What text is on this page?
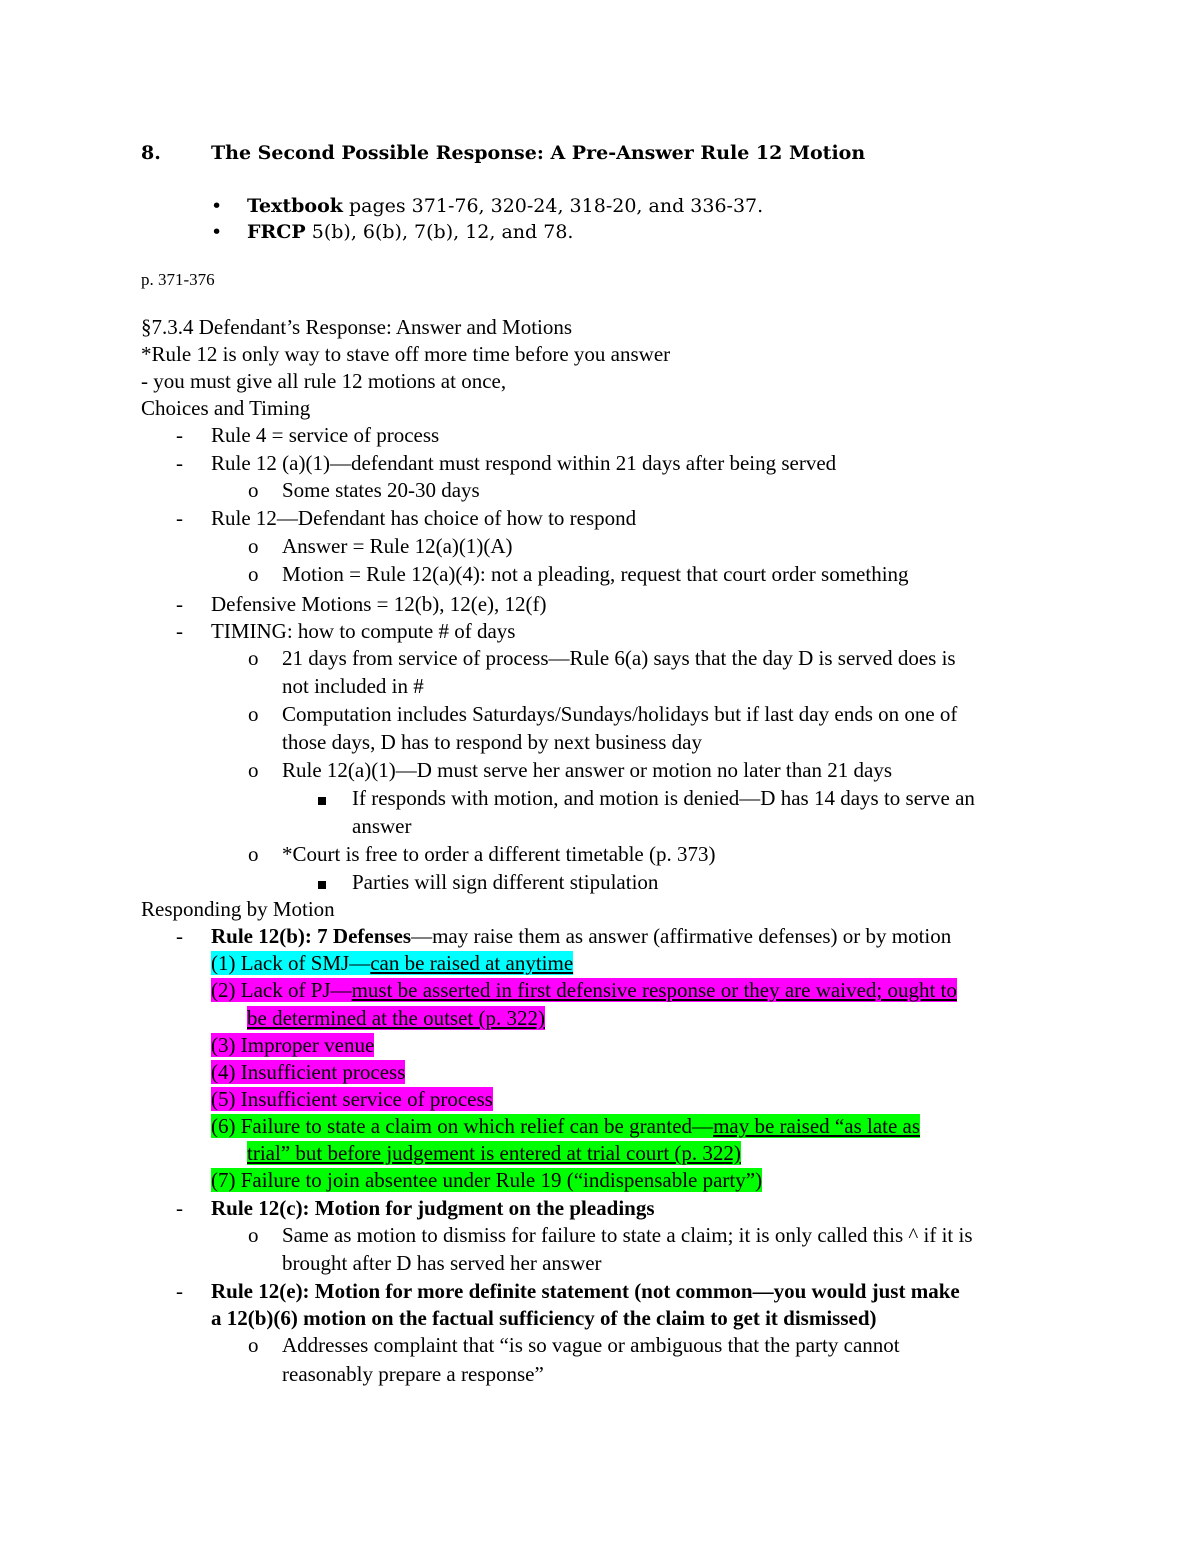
8.	The Second Possible Response: A Pre-Answer Rule 12 Motion
• Textbook pages 371-76, 320-24, 318-20, and 336-37.
• FRCP 5(b), 6(b), 7(b), 12, and 78.
p. 371-376
§7.3.4 Defendant’s Response: Answer and Motions
*Rule 12 is only way to stave off more time before you answer
- you must give all rule 12 motions at once,
Choices and Timing
- Rule 4 = service of process
- Rule 12 (a)(1)—defendant must respond within 21 days after being served
o Some states 20-30 days
- Rule 12—Defendant has choice of how to respond
o Answer = Rule 12(a)(1)(A)
o Motion = Rule 12(a)(4): not a pleading, request that court order something
- Defensive Motions = 12(b), 12(e), 12(f)
- TIMING: how to compute # of days
o 21 days from service of process—Rule 6(a) says that the day D is served does is
not included in #
o Computation includes Saturdays/Sundays/holidays but if last day ends on one of
those days, D has to respond by next business day
o Rule 12(a)(1)—D must serve her answer or motion no later than 21 days
If responds with motion, and motion is denied—D has 14 days to serve an
answer
o *Court is free to order a different timetable (p. 373)
Parties will sign different stipulation
Responding by Motion
- Rule 12(b): 7 Defenses—may raise them as answer (affirmative defenses) or by motion
(1) Lack of SMJ—can be raised at anytime
(2) Lack of PJ—must be asserted in first defensive response or they are waived; ought to
be determined at the outset (p. 322)
(3) Improper venue
(4) Insufficient process
(5) Insufficient service of process
(6) Failure to state a claim on which relief can be granted—may be raised “as late as
trial” but before judgement is entered at trial court (p. 322)
(7) Failure to join absentee under Rule 19 (“indispensable party”)
- Rule 12(c): Motion for judgment on the pleadings
o Same as motion to dismiss for failure to state a claim; it is only called this ^ if it is
brought after D has served her answer
- Rule 12(e): Motion for more definite statement (not common—you would just make
a 12(b)(6) motion on the factual sufficiency of the claim to get it dismissed)
o Addresses complaint that “is so vague or ambiguous that the party cannot
reasonably prepare a response”
